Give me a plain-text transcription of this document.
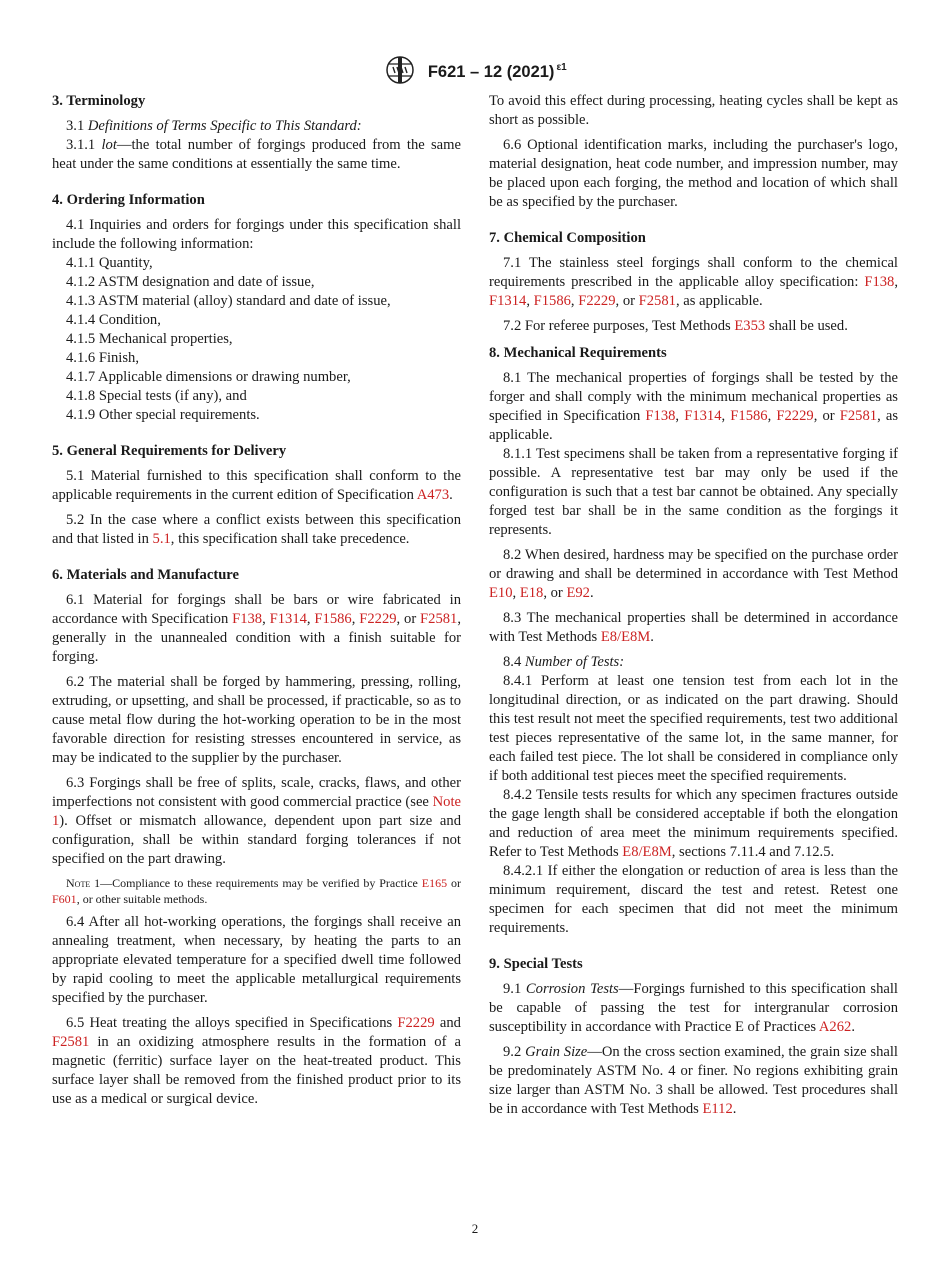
F621 – 12 (2021) $^{\varepsilon 1}$
3. Terminology

3.1 Definitions of Terms Specific to This Standard:

3.1.1 lot—the total number of forgings produced from the same heat under the same conditions at essentially the same time.

4. Ordering Information

4.1 Inquiries and orders for forgings under this specification shall include the following information:

4.1.1 Quantity,
4.1.2 ASTM designation and date of issue,
4.1.3 ASTM material (alloy) standard and date of issue,
4.1.4 Condition,
4.1.5 Mechanical properties,
4.1.6 Finish,
4.1.7 Applicable dimensions or drawing number,
4.1.8 Special tests (if any), and
4.1.9 Other special requirements.
5. General Requirements for Delivery

5.1 Material furnished to this specification shall conform to the applicable requirements in the current edition of Specification A473.

5.2 In the case where a conflict exists between this specification and that listed in 5.1, this specification shall take precedence.

6. Materials and Manufacture

6.1 Material for forgings shall be bars or wire fabricated in accordance with Specification F138, F1314, F1586, F2229, or F2581, generally in the unannealed condition with a finish suitable for forging.

6.2 The material shall be forged by hammering, pressing, rolling, extruding, or upsetting, and shall be processed, if practicable, so as to cause metal flow during the hot-working operation to be in the most favorable direction for resisting stresses encountered in service, as may be indicated to the supplier by the purchaser.

6.3 Forgings shall be free of splits, scale, cracks, flaws, and other imperfections not consistent with good commercial practice (see Note 1). Offset or mismatch allowance, dependent upon part size and configuration, shall be within standard forging tolerances if not specified on the part drawing.

Note 1—Compliance to these requirements may be verified by Practice E165 or F601, or other suitable methods.

6.4 After all hot-working operations, the forgings shall receive an annealing treatment, when necessary, by heating the parts to an appropriate elevated temperature for a specified dwell time followed by rapid cooling to meet the applicable metallurgical requirements specified by the purchaser.

6.5 Heat treating the alloys specified in Specifications F2229 and F2581 in an oxidizing atmosphere results in the formation of a magnetic (ferritic) surface layer on the heat-treated product. This surface layer shall be removed from the finished product prior to its use as a medical or surgical device.

To avoid this effect during processing, heating cycles shall be kept as short as possible.

6.6 Optional identification marks, including the purchaser's logo, material designation, heat code number, and impression number, may be placed upon each forging, the method and location of which shall be as specified by the purchaser.

7. Chemical Composition

7.1 The stainless steel forgings shall conform to the chemical requirements prescribed in the applicable alloy specification: F138, F1314, F1586, F2229, or F2581, as applicable.

7.2 For referee purposes, Test Methods E353 shall be used.

8. Mechanical Requirements

8.1 The mechanical properties of forgings shall be tested by the forger and shall comply with the minimum mechanical properties as specified in Specification F138, F1314, F1586, F2229, or F2581, as applicable.

8.1.1 Test specimens shall be taken from a representative forging if possible. A representative test bar may only be used if the configuration is such that a test bar cannot be obtained. Any specially forged test bar shall be in the same condition as the forgings it represents.

8.2 When desired, hardness may be specified on the purchase order or drawing and shall be determined in accordance with Test Method E10, E18, or E92.

8.3 The mechanical properties shall be determined in accordance with Test Methods E8/E8M.

8.4 Number of Tests:

8.4.1 Perform at least one tension test from each lot in the longitudinal direction, or as indicated on the part drawing. Should this test result not meet the specified requirements, test two additional test pieces representative of the same lot, in the same manner, for each failed test piece. The lot shall be considered in compliance only if both additional test pieces meet the specified requirements.

8.4.2 Tensile tests results for which any specimen fractures outside the gage length shall be considered acceptable if both the elongation and reduction of area meet the minimum requirements specified. Refer to Test Methods E8/E8M, sections 7.11.4 and 7.12.5.

8.4.2.1 If either the elongation or reduction of area is less than the minimum requirement, discard the test and retest. Retest one specimen for each specimen that did not meet the minimum requirements.

9. Special Tests

9.1 Corrosion Tests—Forgings furnished to this specification shall be capable of passing the test for intergranular corrosion susceptibility in accordance with Practice E of Practices A262.

9.2 Grain Size—On the cross section examined, the grain size shall be predominately ASTM No. 4 or finer. No regions exhibiting grain size larger than ASTM No. 3 shall be allowed. Test procedures shall be in accordance with Test Methods E112.

2
